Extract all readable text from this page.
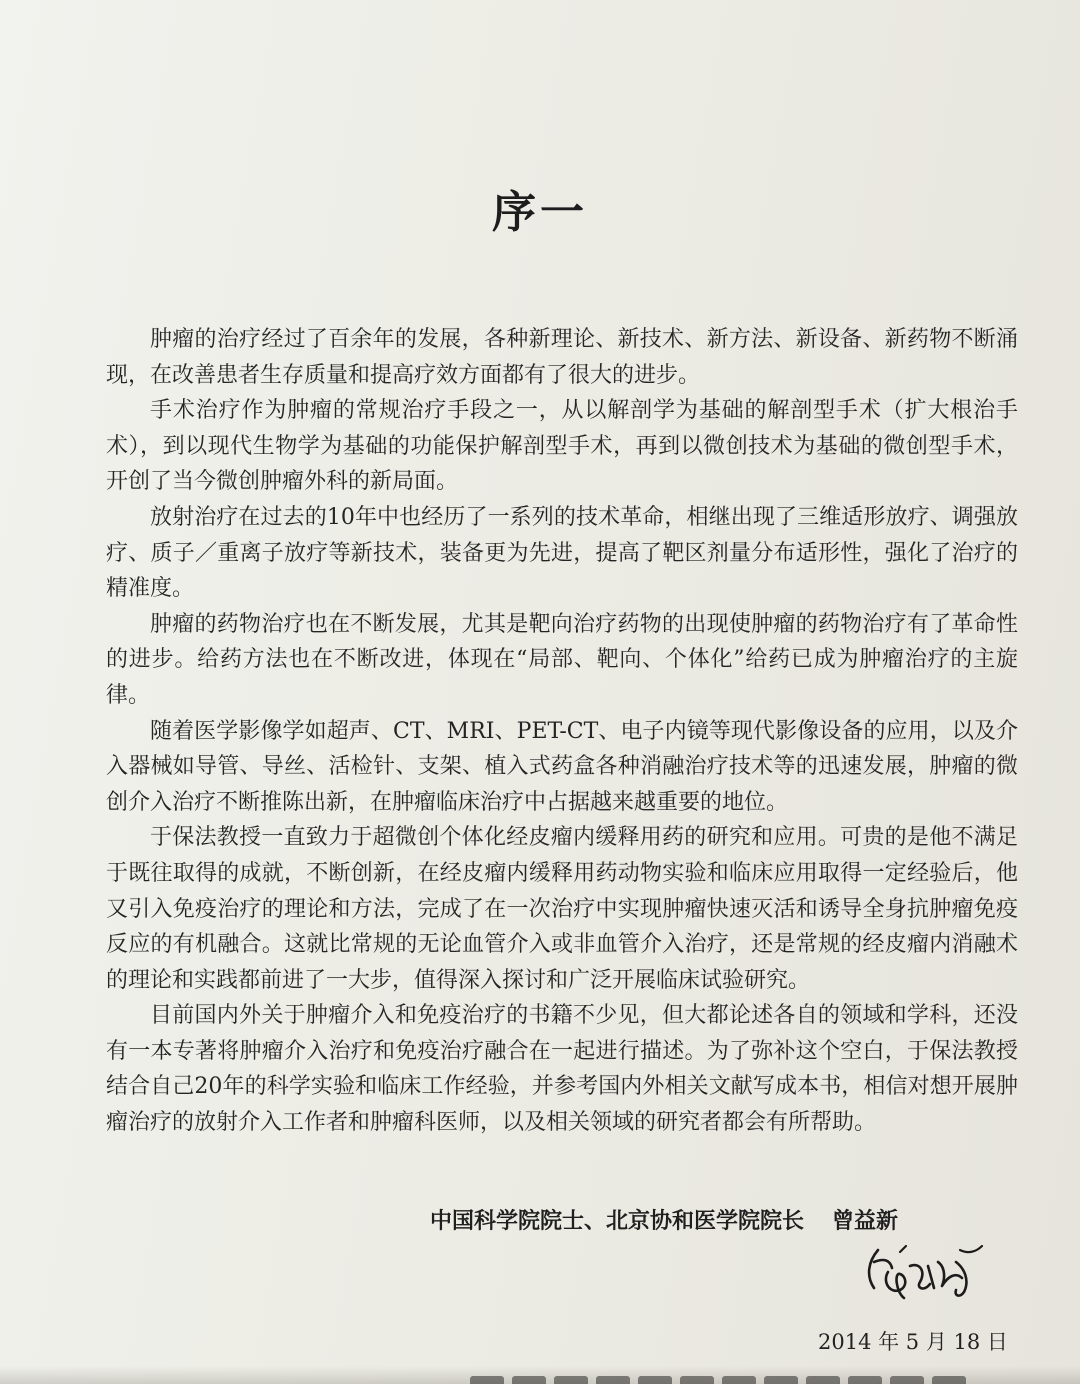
序一

肿瘤的治疗经过了百余年的发展，各种新理论、新技术、新方法、新设备、新药物不断涌现，在改善患者生存质量和提高疗效方面都有了很大的进步。

手术治疗作为肿瘤的常规治疗手段之一，从以解剖学为基础的解剖型手术（扩大根治手术），到以现代生物学为基础的功能保护解剖型手术，再到以微创技术为基础的微创型手术，开创了当今微创肿瘤外科的新局面。

放射治疗在过去的10年中也经历了一系列的技术革命，相继出现了三维适形放疗、调强放疗、质子／重离子放疗等新技术，装备更为先进，提高了靶区剂量分布适形性，强化了治疗的精准度。

肿瘤的药物治疗也在不断发展，尤其是靶向治疗药物的出现使肿瘤的药物治疗有了革命性的进步。给药方法也在不断改进，体现在“局部、靶向、个体化”给药已成为肿瘤治疗的主旋律。

随着医学影像学如超声、CT、MRI、PET-CT、电子内镜等现代影像设备的应用，以及介入器械如导管、导丝、活检针、支架、植入式药盒各种消融治疗技术等的迅速发展，肿瘤的微创介入治疗不断推陈出新，在肿瘤临床治疗中占据越来越重要的地位。

于保法教授一直致力于超微创个体化经皮瘤内缓释用药的研究和应用。可贵的是他不满足于既往取得的成就，不断创新，在经皮瘤内缓释用药动物实验和临床应用取得一定经验后，他又引入免疫治疗的理论和方法，完成了在一次治疗中实现肿瘤快速灭活和诱导全身抗肿瘤免疫反应的有机融合。这就比常规的无论血管介入或非血管介入治疗，还是常规的经皮瘤内消融术的理论和实践都前进了一大步，值得深入探讨和广泛开展临床试验研究。

目前国内外关于肿瘤介入和免疫治疗的书籍不少见，但大都论述各自的领域和学科，还没有一本专著将肿瘤介入治疗和免疫治疗融合在一起进行描述。为了弥补这个空白，于保法教授结合自己20年的科学实验和临床工作经验，并参考国内外相关文献写成本书，相信对想开展肿瘤治疗的放射介入工作者和肿瘤科医师，以及相关领域的研究者都会有所帮助。

中国科学院院士、北京协和医学院院长 曾益新
2014 年 5 月 18 日
